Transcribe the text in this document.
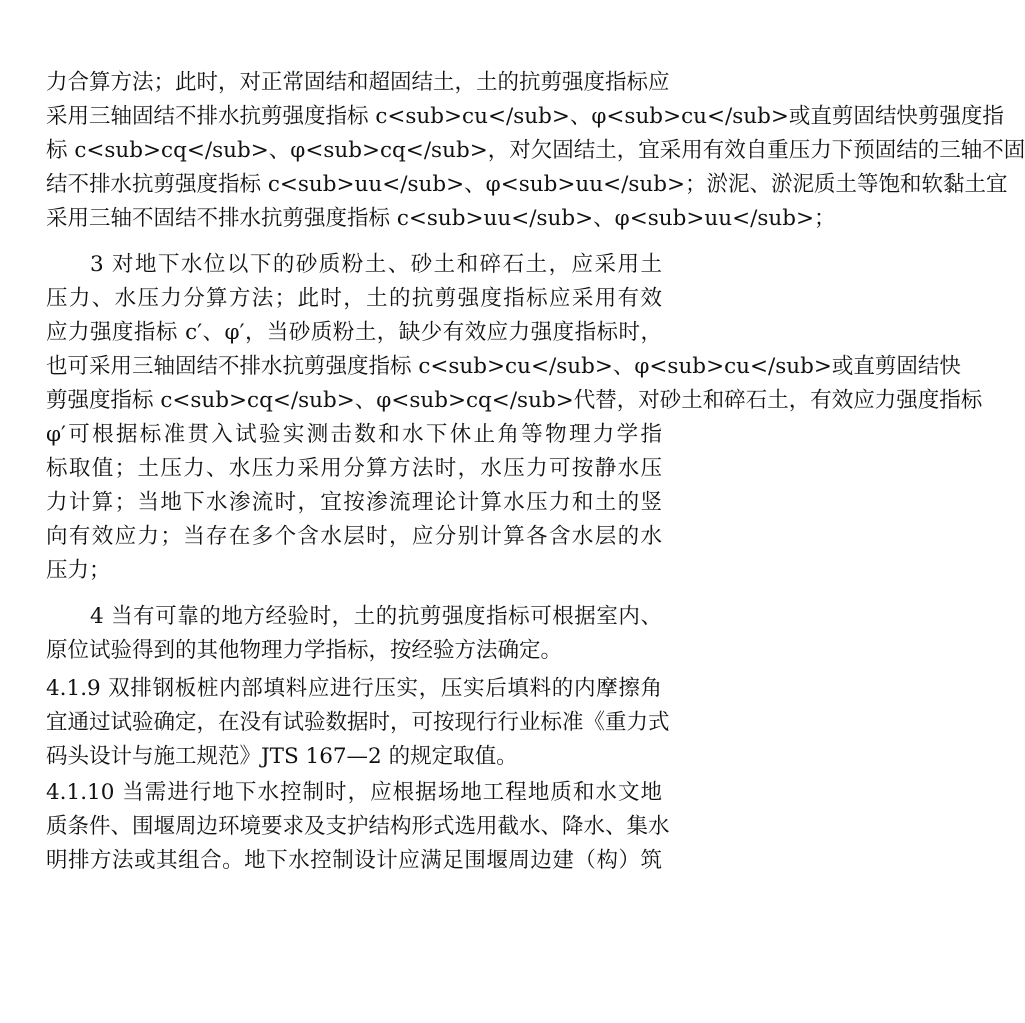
力合算方法；此时，对正常固结和超固结土，土的抗剪强度指标应
采用三轴固结不排水抗剪强度指标 c<sub>cu</sub>、φ<sub>cu</sub>或直剪固结快剪强度指
标 c<sub>cq</sub>、φ<sub>cq</sub>，对欠固结土，宜采用有效自重压力下预固结的三轴不固
结不排水抗剪强度指标 c<sub>uu</sub>、φ<sub>uu</sub>；淤泥、淤泥质土等饱和软黏土宜
采用三轴不固结不排水抗剪强度指标 c<sub>uu</sub>、φ<sub>uu</sub>；
3 对地下水位以下的砂质粉土、砂土和碎石土，应采用土
压力、水压力分算方法；此时，土的抗剪强度指标应采用有效
应力强度指标 c′、φ′，当砂质粉土，缺少有效应力强度指标时，
也可采用三轴固结不排水抗剪强度指标 c<sub>cu</sub>、φ<sub>cu</sub>或直剪固结快
剪强度指标 c<sub>cq</sub>、φ<sub>cq</sub>代替，对砂土和碎石土，有效应力强度指标
φ′可根据标准贯入试验实测击数和水下休止角等物理力学指
标取值；土压力、水压力采用分算方法时，水压力可按静水压
力计算；当地下水渗流时，宜按渗流理论计算水压力和土的竖
向有效应力；当存在多个含水层时，应分别计算各含水层的水
压力；
4 当有可靠的地方经验时，土的抗剪强度指标可根据室内、
原位试验得到的其他物理力学指标，按经验方法确定。
4.1.9 双排钢板桩内部填料应进行压实，压实后填料的内摩擦角
宜通过试验确定，在没有试验数据时，可按现行行业标准《重力式
码头设计与施工规范》JTS 167—2 的规定取值。
4.1.10 当需进行地下水控制时，应根据场地工程地质和水文地
质条件、围堰周边环境要求及支护结构形式选用截水、降水、集水
明排方法或其组合。地下水控制设计应满足围堰周边建（构）筑
